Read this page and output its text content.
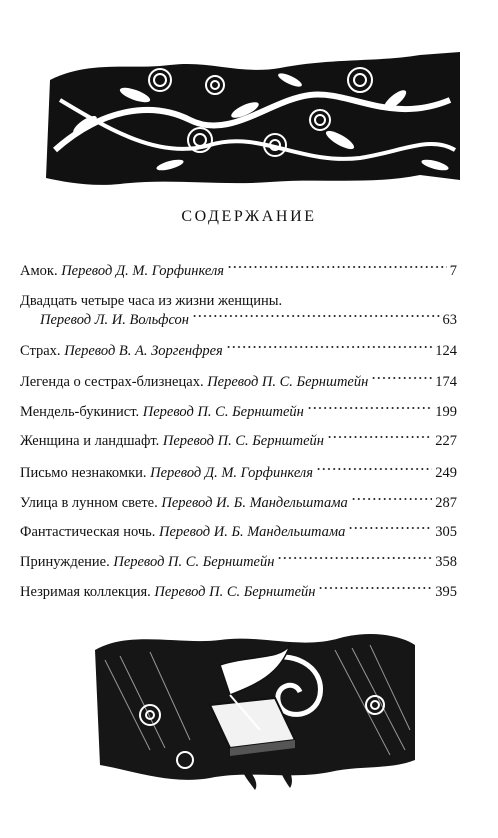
СОДЕРЖАНИЕ
Амок.
Перевод Д. М. Горфинкеля	7
Двадцать четыре часа из жизни женщины.
Перевод Л. И. Вольфсон	63
Страх.
Перевод В. А. Зоргенфрея	124
Легенда о сестрах-близнецах.
Перевод П. С. Бернштейн	174
Мендель-букинист.
Перевод П. С. Бернштейн	199
Женщина и ландшафт.
Перевод П. С. Бернштейн	227
Письмо незнакомки.
Перевод Д. М. Горфинкеля	249
Улица в лунном свете.
Перевод И. Б. Мандельштама	287
Фантастическая ночь.
Перевод И. Б. Мандельштама	305
Принуждение.
Перевод П. С. Бернштейн	358
Незримая коллекция.
Перевод П. С. Бернштейн	395
